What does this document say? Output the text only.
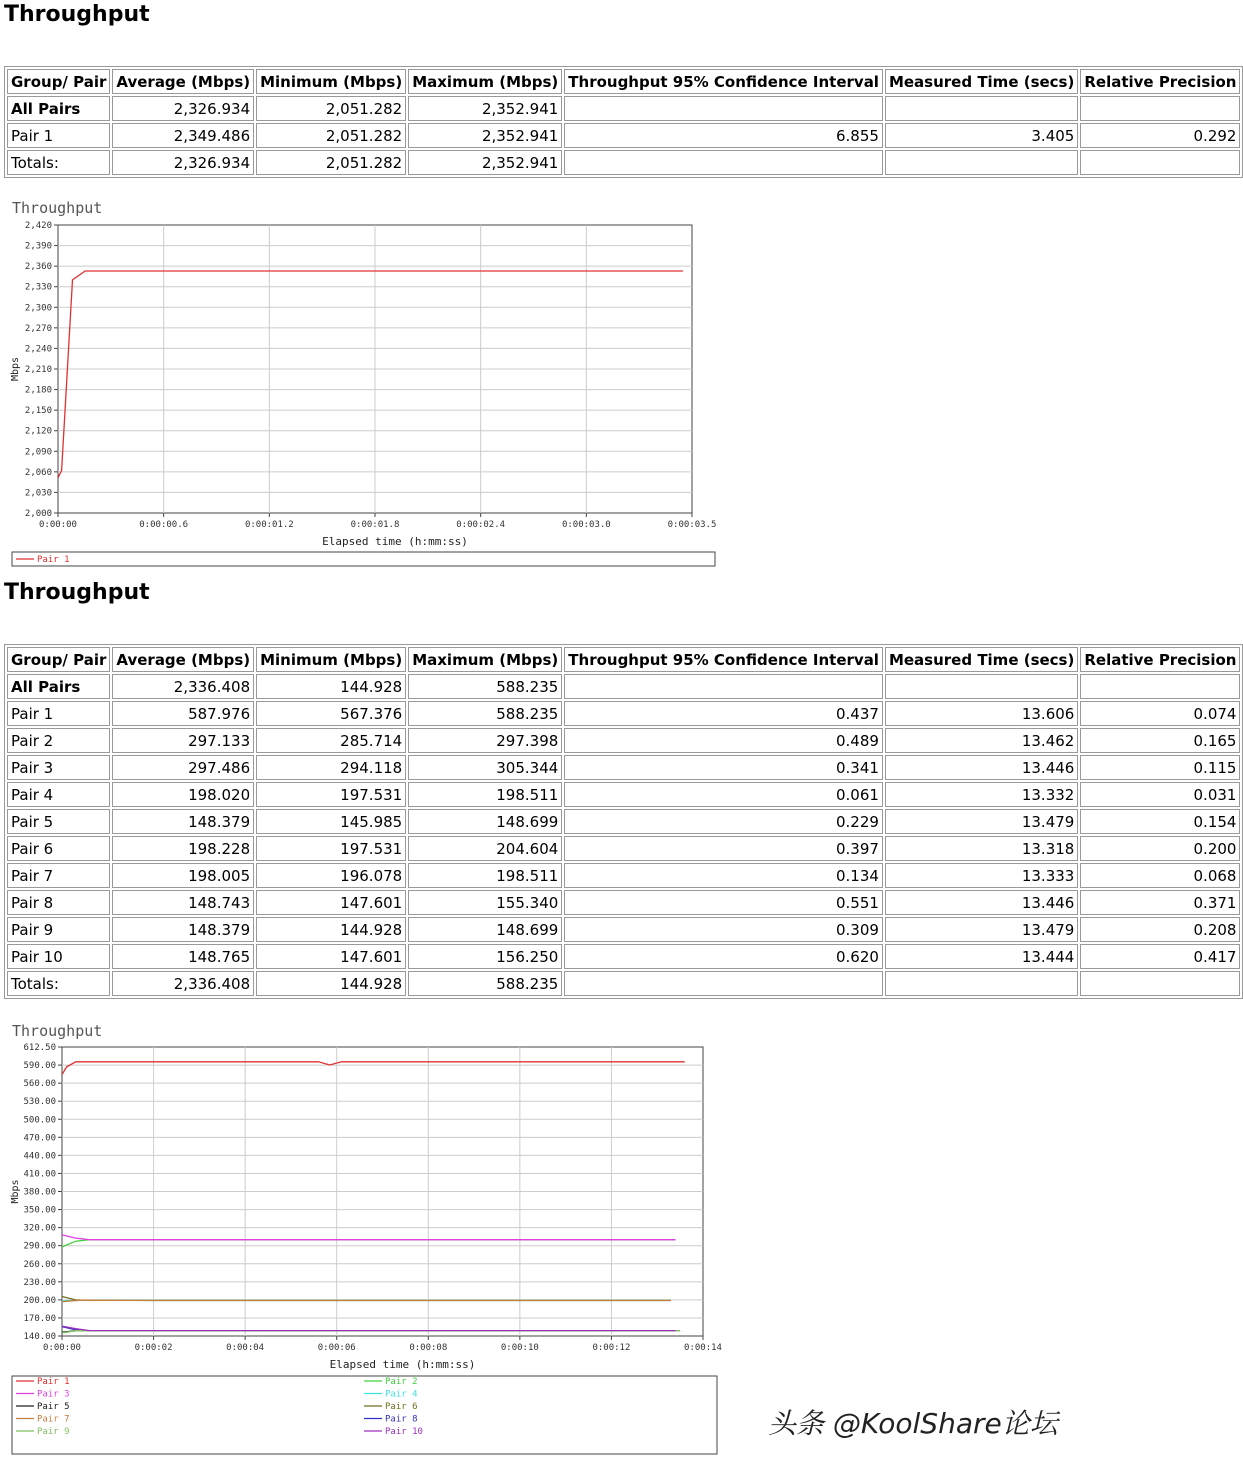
Throughput
Group/ Pair	Average (Mbps)	Minimum (Mbps)	Maximum (Mbps)	Throughput 95% Confidence Interval	Measured Time (secs)	Relative Precision
All Pairs	2,326.934	2,051.282	2,352.941			
Pair 1	2,349.486	2,051.282	2,352.941	6.855	3.405	0.292
Totals:	2,326.934	2,051.282	2,352.941			
Throughput
2,420
2,390
2,360
2,330
2,300
2,270
2,240
2,210
2,180
2,150
2,120
2,090
2,060
2,030
2,000
0:00:00	0:00:00.6	0:00:01.2	0:00:01.8	0:00:02.4	0:00:03.0	0:00:03.5
Elapsed time (h:mm:ss)
Mbps
Pair 1
Throughput
Group/ Pair	Average (Mbps)	Minimum (Mbps)	Maximum (Mbps)	Throughput 95% Confidence Interval	Measured Time (secs)	Relative Precision
All Pairs	2,336.408	144.928	588.235			
Pair 1	587.976	567.376	588.235	0.437	13.606	0.074
Pair 2	297.133	285.714	297.398	0.489	13.462	0.165
Pair 3	297.486	294.118	305.344	0.341	13.446	0.115
Pair 4	198.020	197.531	198.511	0.061	13.332	0.031
Pair 5	148.379	145.985	148.699	0.229	13.479	0.154
Pair 6	198.228	197.531	204.604	0.397	13.318	0.200
Pair 7	198.005	196.078	198.511	0.134	13.333	0.068
Pair 8	148.743	147.601	155.340	0.551	13.446	0.371
Pair 9	148.379	144.928	148.699	0.309	13.479	0.208
Pair 10	148.765	147.601	156.250	0.620	13.444	0.417
Totals:	2,336.408	144.928	588.235			
Throughput
612.50
590.00
560.00
530.00
500.00
470.00
440.00
410.00
380.00
350.00
320.00
290.00
260.00
230.00
200.00
170.00
140.00
0:00:00	0:00:02	0:00:04	0:00:06	0:00:08	0:00:10	0:00:12	0:00:14
Elapsed time (h:mm:ss)
Mbps
Pair 1
Pair 3
Pair 5
Pair 7
Pair 9
Pair 2
Pair 4
Pair 6
Pair 8
Pair 10	头条 @KoolShare论坛
